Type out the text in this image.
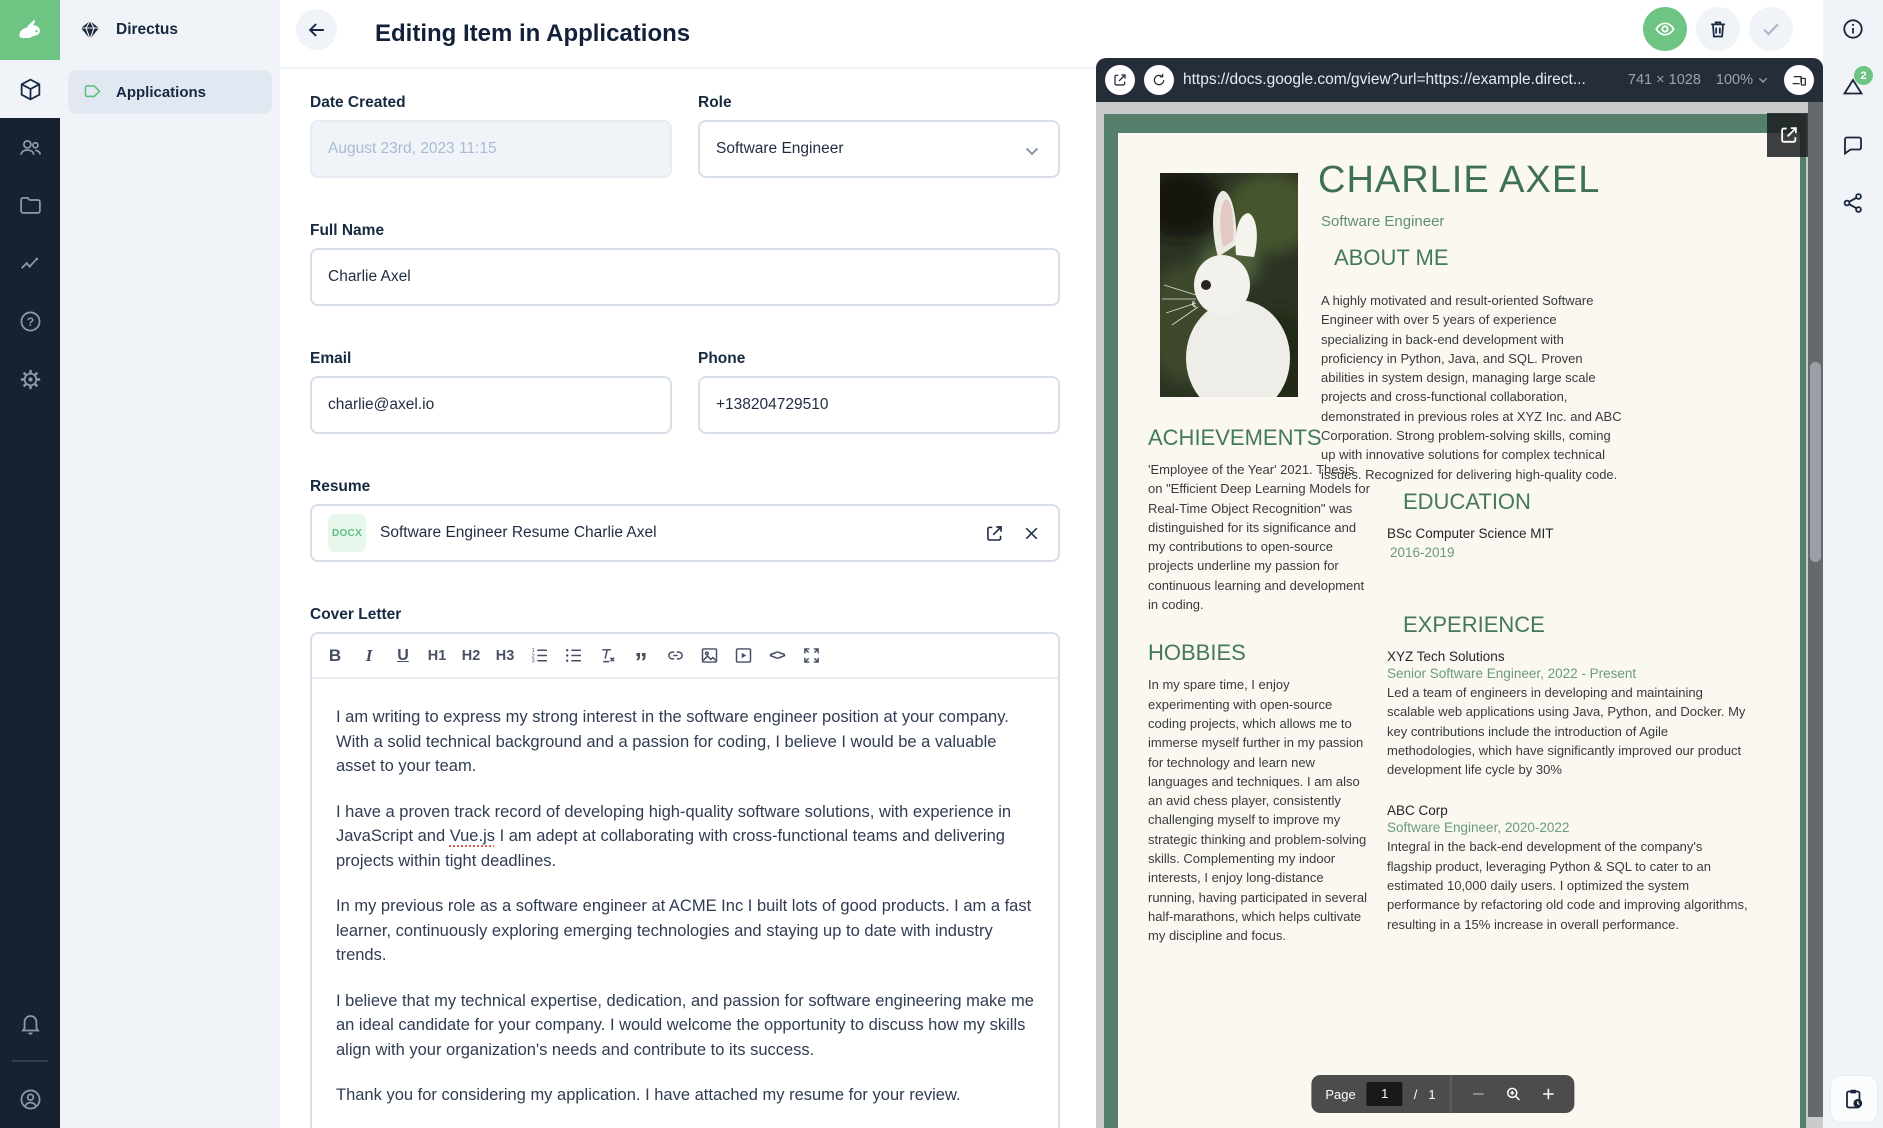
?
Directus
Applications
Editing Item in Applications
Date Created
August 23rd, 2023 11:15
Role
Software Engineer
Full Name
Charlie Axel
Email
charlie@axel.io
Phone
+138204729510
Resume
DOCX Software Engineer Resume Charlie Axel
Cover Letter
B	I	U	H1 H2 H3	1
2
3	”	<>

I am writing to express my strong interest in the software engineer position at your company. With a solid technical background and a passion for coding, I believe I would be a valuable asset to your team.

I have a proven track record of developing high-quality software solutions, with experience in JavaScript and Vue.js I am adept at collaborating with cross-functional teams and delivering projects within tight deadlines.

In my previous role as a software engineer at ACME Inc I built lots of good products. I am a fast learner, continuously exploring emerging technologies and staying up to date with industry trends.

I believe that my technical expertise, dedication, and passion for software engineering make me an ideal candidate for your company. I would welcome the opportunity to discuss how my skills align with your organization's needs and contribute to its success.

Thank you for considering my application. I have attached my resume for your review.

https://docs.google.com/gview?url=https://example.direct...	741 × 1028 100%
CHARLIE AXEL
Software Engineer
ABOUT ME
A highly motivated and result-oriented Software Engineer with over 5 years of experience specializing in back-end development with proficiency in Python, Java, and SQL. Proven abilities in system design, managing large scale projects and cross-functional collaboration, demonstrated in previous roles at XYZ Inc. and ABC Corporation. Strong problem-solving skills, coming up with innovative solutions for complex technical issues. Recognized for delivering high-quality code.
ACHIEVEMENTS
'Employee of the Year' 2021. Thesis on "Efficient Deep Learning Models for Real-Time Object Recognition" was distinguished for its significance and my contributions to open-source projects underline my passion for continuous learning and development in coding.
HOBBIES
In my spare time, I enjoy experimenting with open-source coding projects, which allows me to immerse myself further in my passion for technology and learn new languages and techniques. I am also an avid chess player, consistently challenging myself to improve my strategic thinking and problem-solving skills. Complementing my indoor interests, I enjoy long-distance running, having participated in several half-marathons, which helps cultivate my discipline and focus.
EDUCATION
BSc Computer Science MIT
2016-2019
EXPERIENCE
XYZ Tech Solutions
Senior Software Engineer, 2022 - Present
Led a team of engineers in developing and maintaining scalable web applications using Java, Python, and Docker. My key contributions include the introduction of Agile methodologies, which have significantly improved our product development life cycle by 30%
ABC Corp
Software Engineer, 2020-2022
Integral in the back-end development of the company's flagship product, leveraging Python & SQL to cater to an estimated 10,000 daily users. I optimized the system performance by refactoring old code and improving algorithms, resulting in a 15% increase in overall performance.
Page	1	/ 1
2
